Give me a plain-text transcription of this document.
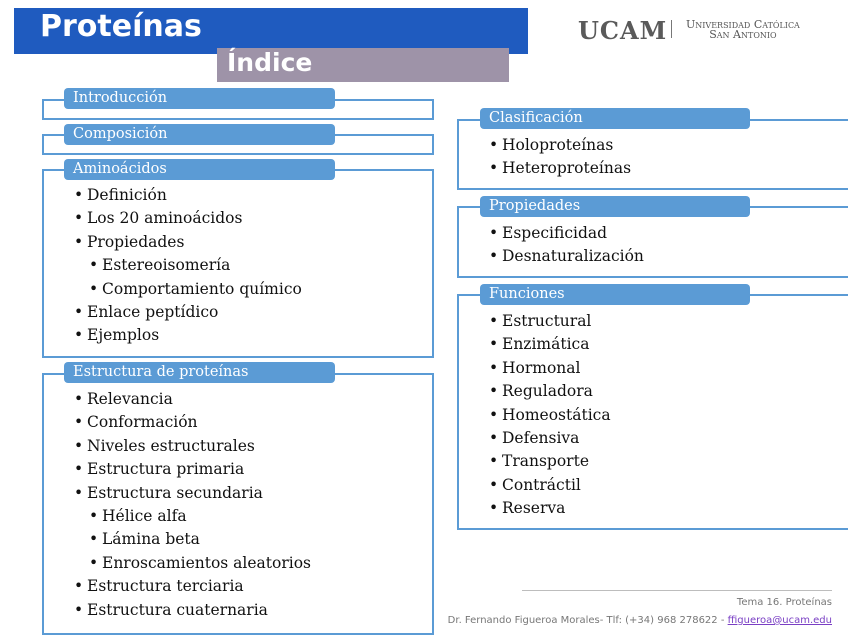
Proteínas
Índice
UCAM Universidad Católica
San Antonio
Introducción
Composición
Aminoácidos
• Definición
• Los 20 aminoácidos
• Propiedades
• Estereoisomería
• Comportamiento químico
• Enlace peptídico
• Ejemplos
Estructura de proteínas
• Relevancia
• Conformación
• Niveles estructurales
• Estructura primaria
• Estructura secundaria
• Hélice alfa
• Lámina beta
• Enroscamientos aleatorios
• Estructura terciaria
• Estructura cuaternaria
Clasificación
• Holoproteínas
• Heteroproteínas
Propiedades
• Especificidad
• Desnaturalización
Funciones
• Estructural
• Enzimática
• Hormonal
• Reguladora
• Homeostática
• Defensiva
• Transporte
• Contráctil
• Reserva
Tema 16. Proteínas
Dr. Fernando Figueroa Morales- Tlf: (+34) 968 278622 - ffigueroa@ucam.edu
